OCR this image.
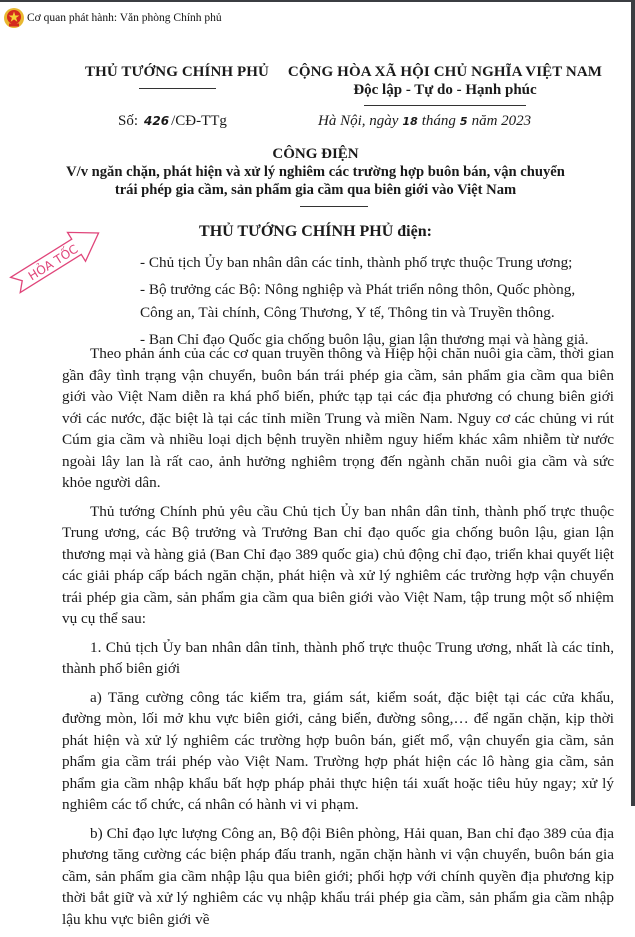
Cơ quan phát hành: Văn phòng Chính phủ
THỦ TƯỚNG CHÍNH PHỦ	CỘNG HÒA XÃ HỘI CHỦ NGHĨA VIỆT NAM
Độc lập - Tự do - Hạnh phúc
Số: 426 /CĐ-TTg	Hà Nội, ngày 18 tháng 5 năm 2023
CÔNG ĐIỆN
V/v ngăn chặn, phát hiện và xử lý nghiêm các trường hợp buôn bán, vận chuyển
trái phép gia cầm, sản phẩm gia cầm qua biên giới vào Việt Nam
HỎA TỐC
THỦ TƯỚNG CHÍNH PHỦ điện:
- Chủ tịch Ủy ban nhân dân các tỉnh, thành phố trực thuộc Trung ương;
- Bộ trưởng các Bộ: Nông nghiệp và Phát triển nông thôn, Quốc phòng, Công an, Tài chính, Công Thương, Y tế, Thông tin và Truyền thông.
- Ban Chỉ đạo Quốc gia chống buôn lậu, gian lận thương mại và hàng giả.

Theo phản ánh của các cơ quan truyền thông và Hiệp hội chăn nuôi gia cầm, thời gian gần đây tình trạng vận chuyển, buôn bán trái phép gia cầm, sản phẩm gia cầm qua biên giới vào Việt Nam diễn ra khá phổ biến, phức tạp tại các địa phương có chung biên giới với các nước, đặc biệt là tại các tỉnh miền Trung và miền Nam. Nguy cơ các chủng vi rút Cúm gia cầm và nhiều loại dịch bệnh truyền nhiễm nguy hiểm khác xâm nhiễm từ nước ngoài lây lan là rất cao, ảnh hưởng nghiêm trọng đến ngành chăn nuôi gia cầm và sức khỏe người dân.

Thủ tướng Chính phủ yêu cầu Chủ tịch Ủy ban nhân dân tỉnh, thành phố trực thuộc Trung ương, các Bộ trưởng và Trưởng Ban chỉ đạo quốc gia chống buôn lậu, gian lận thương mại và hàng giả (Ban Chỉ đạo 389 quốc gia) chủ động chỉ đạo, triển khai quyết liệt các giải pháp cấp bách ngăn chặn, phát hiện và xử lý nghiêm các trường hợp vận chuyển trái phép gia cầm, sản phẩm gia cầm qua biên giới vào Việt Nam, tập trung một số nhiệm vụ cụ thể sau:

1. Chủ tịch Ủy ban nhân dân tỉnh, thành phố trực thuộc Trung ương, nhất là các tỉnh, thành phố biên giới

a) Tăng cường công tác kiểm tra, giám sát, kiểm soát, đặc biệt tại các cửa khẩu, đường mòn, lối mở khu vực biên giới, cảng biển, đường sông,… để ngăn chặn, kịp thời phát hiện và xử lý nghiêm các trường hợp buôn bán, giết mổ, vận chuyển gia cầm, sản phẩm gia cầm trái phép vào Việt Nam. Trường hợp phát hiện các lô hàng gia cầm, sản phẩm gia cầm nhập khẩu bất hợp pháp phải thực hiện tái xuất hoặc tiêu hủy ngay; xử lý nghiêm các tổ chức, cá nhân có hành vi vi phạm.

b) Chỉ đạo lực lượng Công an, Bộ đội Biên phòng, Hải quan, Ban chỉ đạo 389 của địa phương tăng cường các biện pháp đấu tranh, ngăn chặn hành vi vận chuyển, buôn bán gia cầm, sản phẩm gia cầm nhập lậu qua biên giới; phối hợp với chính quyền địa phương kịp thời bắt giữ và xử lý nghiêm các vụ nhập khẩu trái phép gia cầm, sản phẩm gia cầm nhập lậu khu vực biên giới về
